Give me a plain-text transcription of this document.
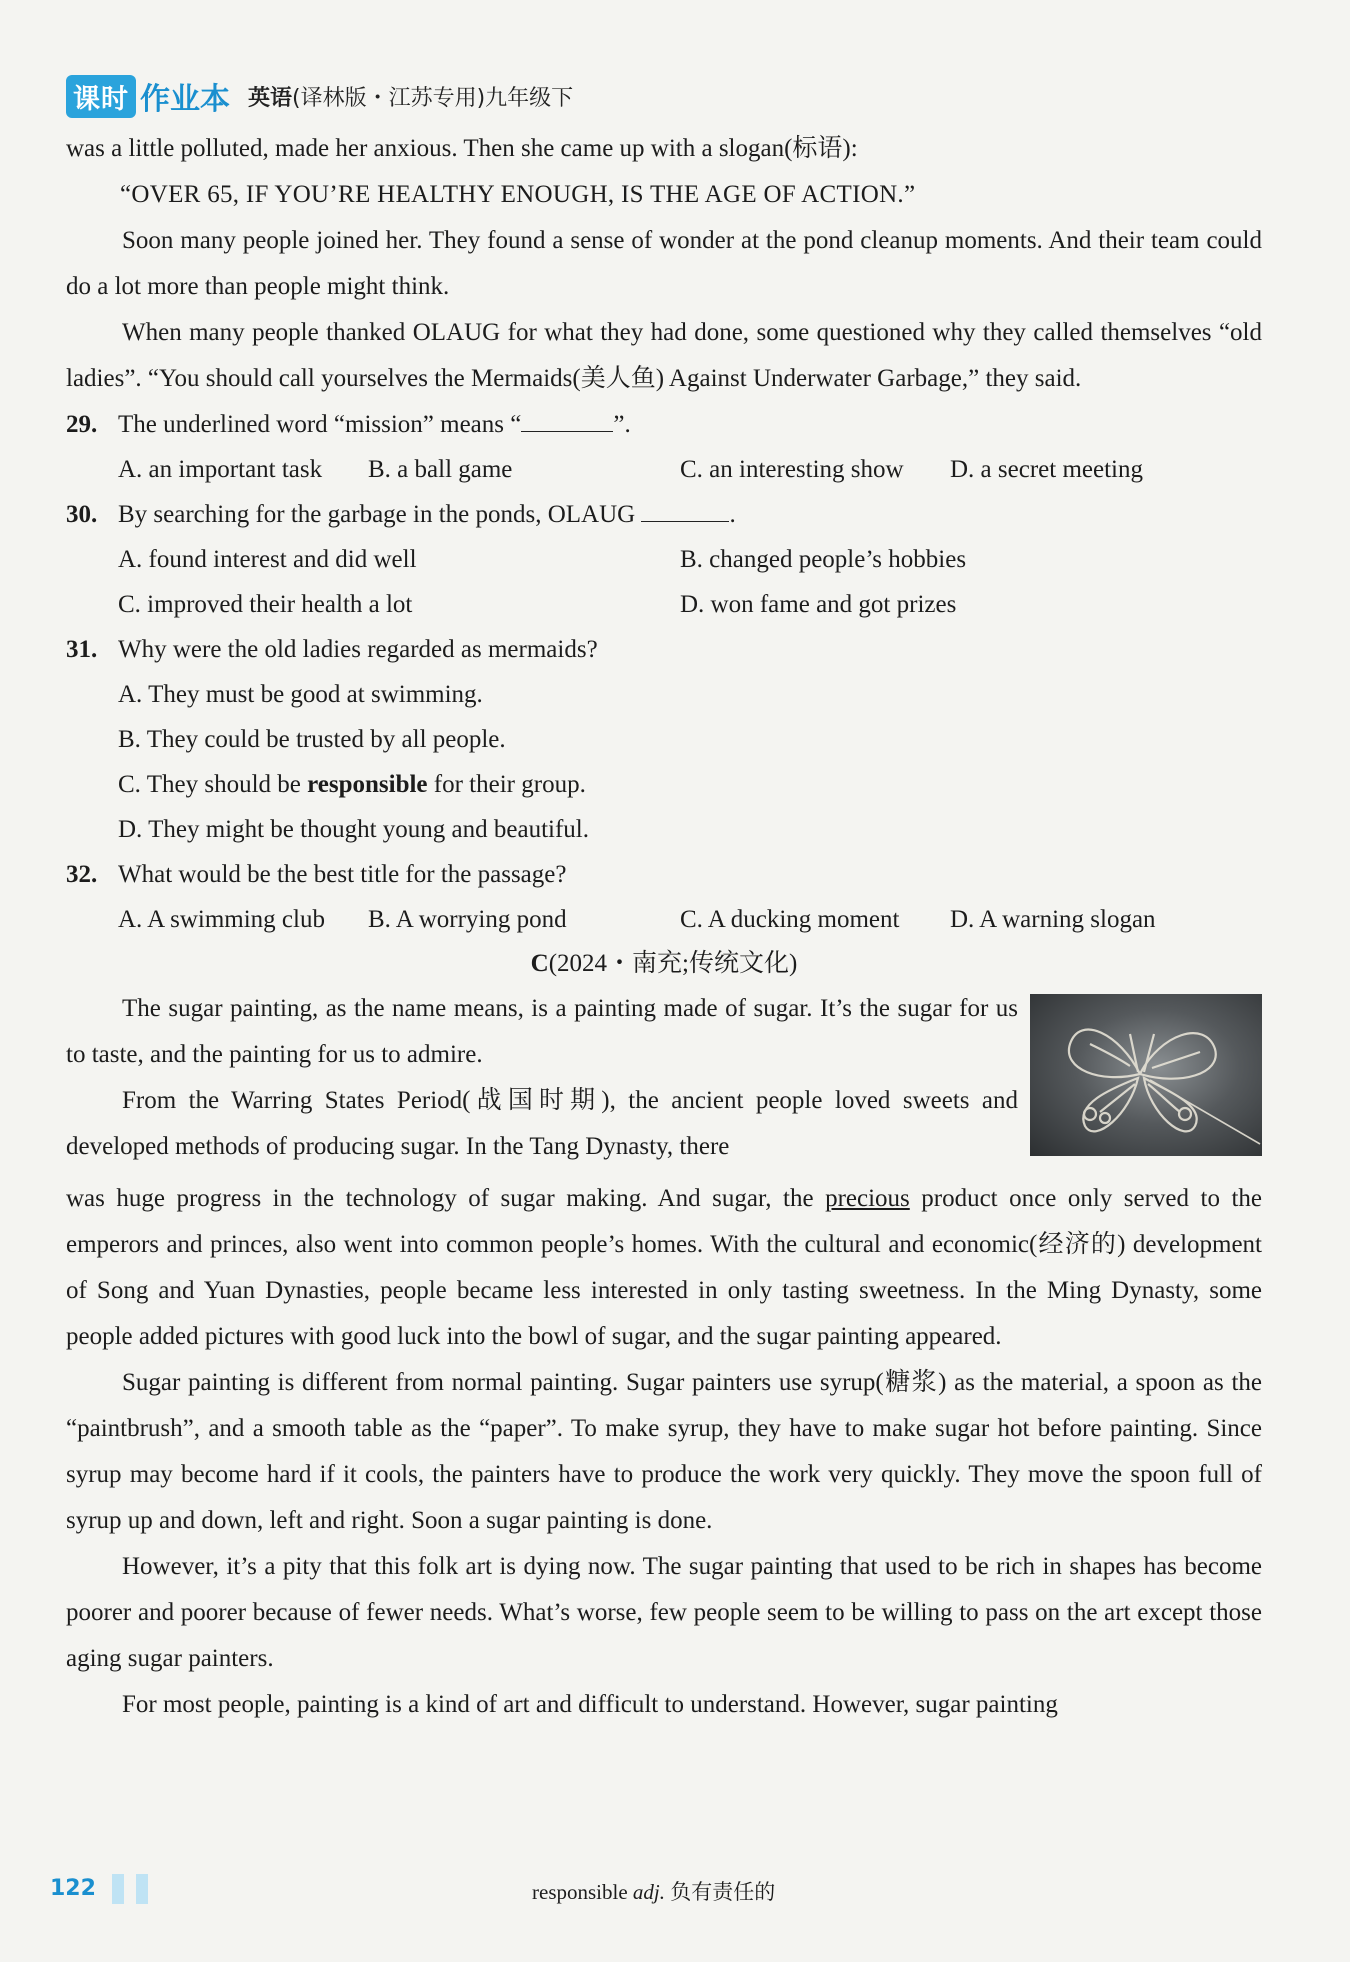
课时 作业本 英语(译林版・江苏专用)九年级下

was a little polluted, made her anxious. Then she came up with a slogan(标语):

“OVER 65, IF YOU’RE HEALTHY ENOUGH, IS THE AGE OF ACTION.”

Soon many people joined her. They found a sense of wonder at the pond cleanup moments. And their team could do a lot more than people might think.

When many people thanked OLAUG for what they had done, some questioned why they called themselves “old ladies”. “You should call yourselves the Mermaids(美人鱼) Against Underwater Garbage,” they said.

29. The underlined word “mission” means “	”.
A. an important task	B. a ball game	C. an interesting show	D. a secret meeting
30. By searching for the garbage in the ponds, OLAUG	.
A. found interest and did well	B. changed people’s hobbies
C. improved their health a lot	D. won fame and got prizes
31. Why were the old ladies regarded as mermaids?
A. They must be good at swimming.
B. They could be trusted by all people.
C. They should be responsible for their group.
D. They might be thought young and beautiful.
32. What would be the best title for the passage?
A. A swimming club	B. A worrying pond	C. A ducking moment	D. A warning slogan
C(2024・南充;传统文化)

The sugar painting, as the name means, is a painting made of sugar. It’s the sugar for us to taste, and the painting for us to admire.

From the Warring States Period(战国时期), the ancient people loved sweets and developed methods of producing sugar. In the Tang Dynasty, there

was huge progress in the technology of sugar making. And sugar, the precious product once only served to the emperors and princes, also went into common people’s homes. With the cultural and economic(经济的) development of Song and Yuan Dynasties, people became less interested in only tasting sweetness. In the Ming Dynasty, some people added pictures with good luck into the bowl of sugar, and the sugar painting appeared.

Sugar painting is different from normal painting. Sugar painters use syrup(糖浆) as the material, a spoon as the “paintbrush”, and a smooth table as the “paper”. To make syrup, they have to make sugar hot before painting. Since syrup may become hard if it cools, the painters have to produce the work very quickly. They move the spoon full of syrup up and down, left and right. Soon a sugar painting is done.

However, it’s a pity that this folk art is dying now. The sugar painting that used to be rich in shapes has become poorer and poorer because of fewer needs. What’s worse, few people seem to be willing to pass on the art except those aging sugar painters.

For most people, painting is a kind of art and difficult to understand. However, sugar painting

122	responsible adj. 负有责任的
